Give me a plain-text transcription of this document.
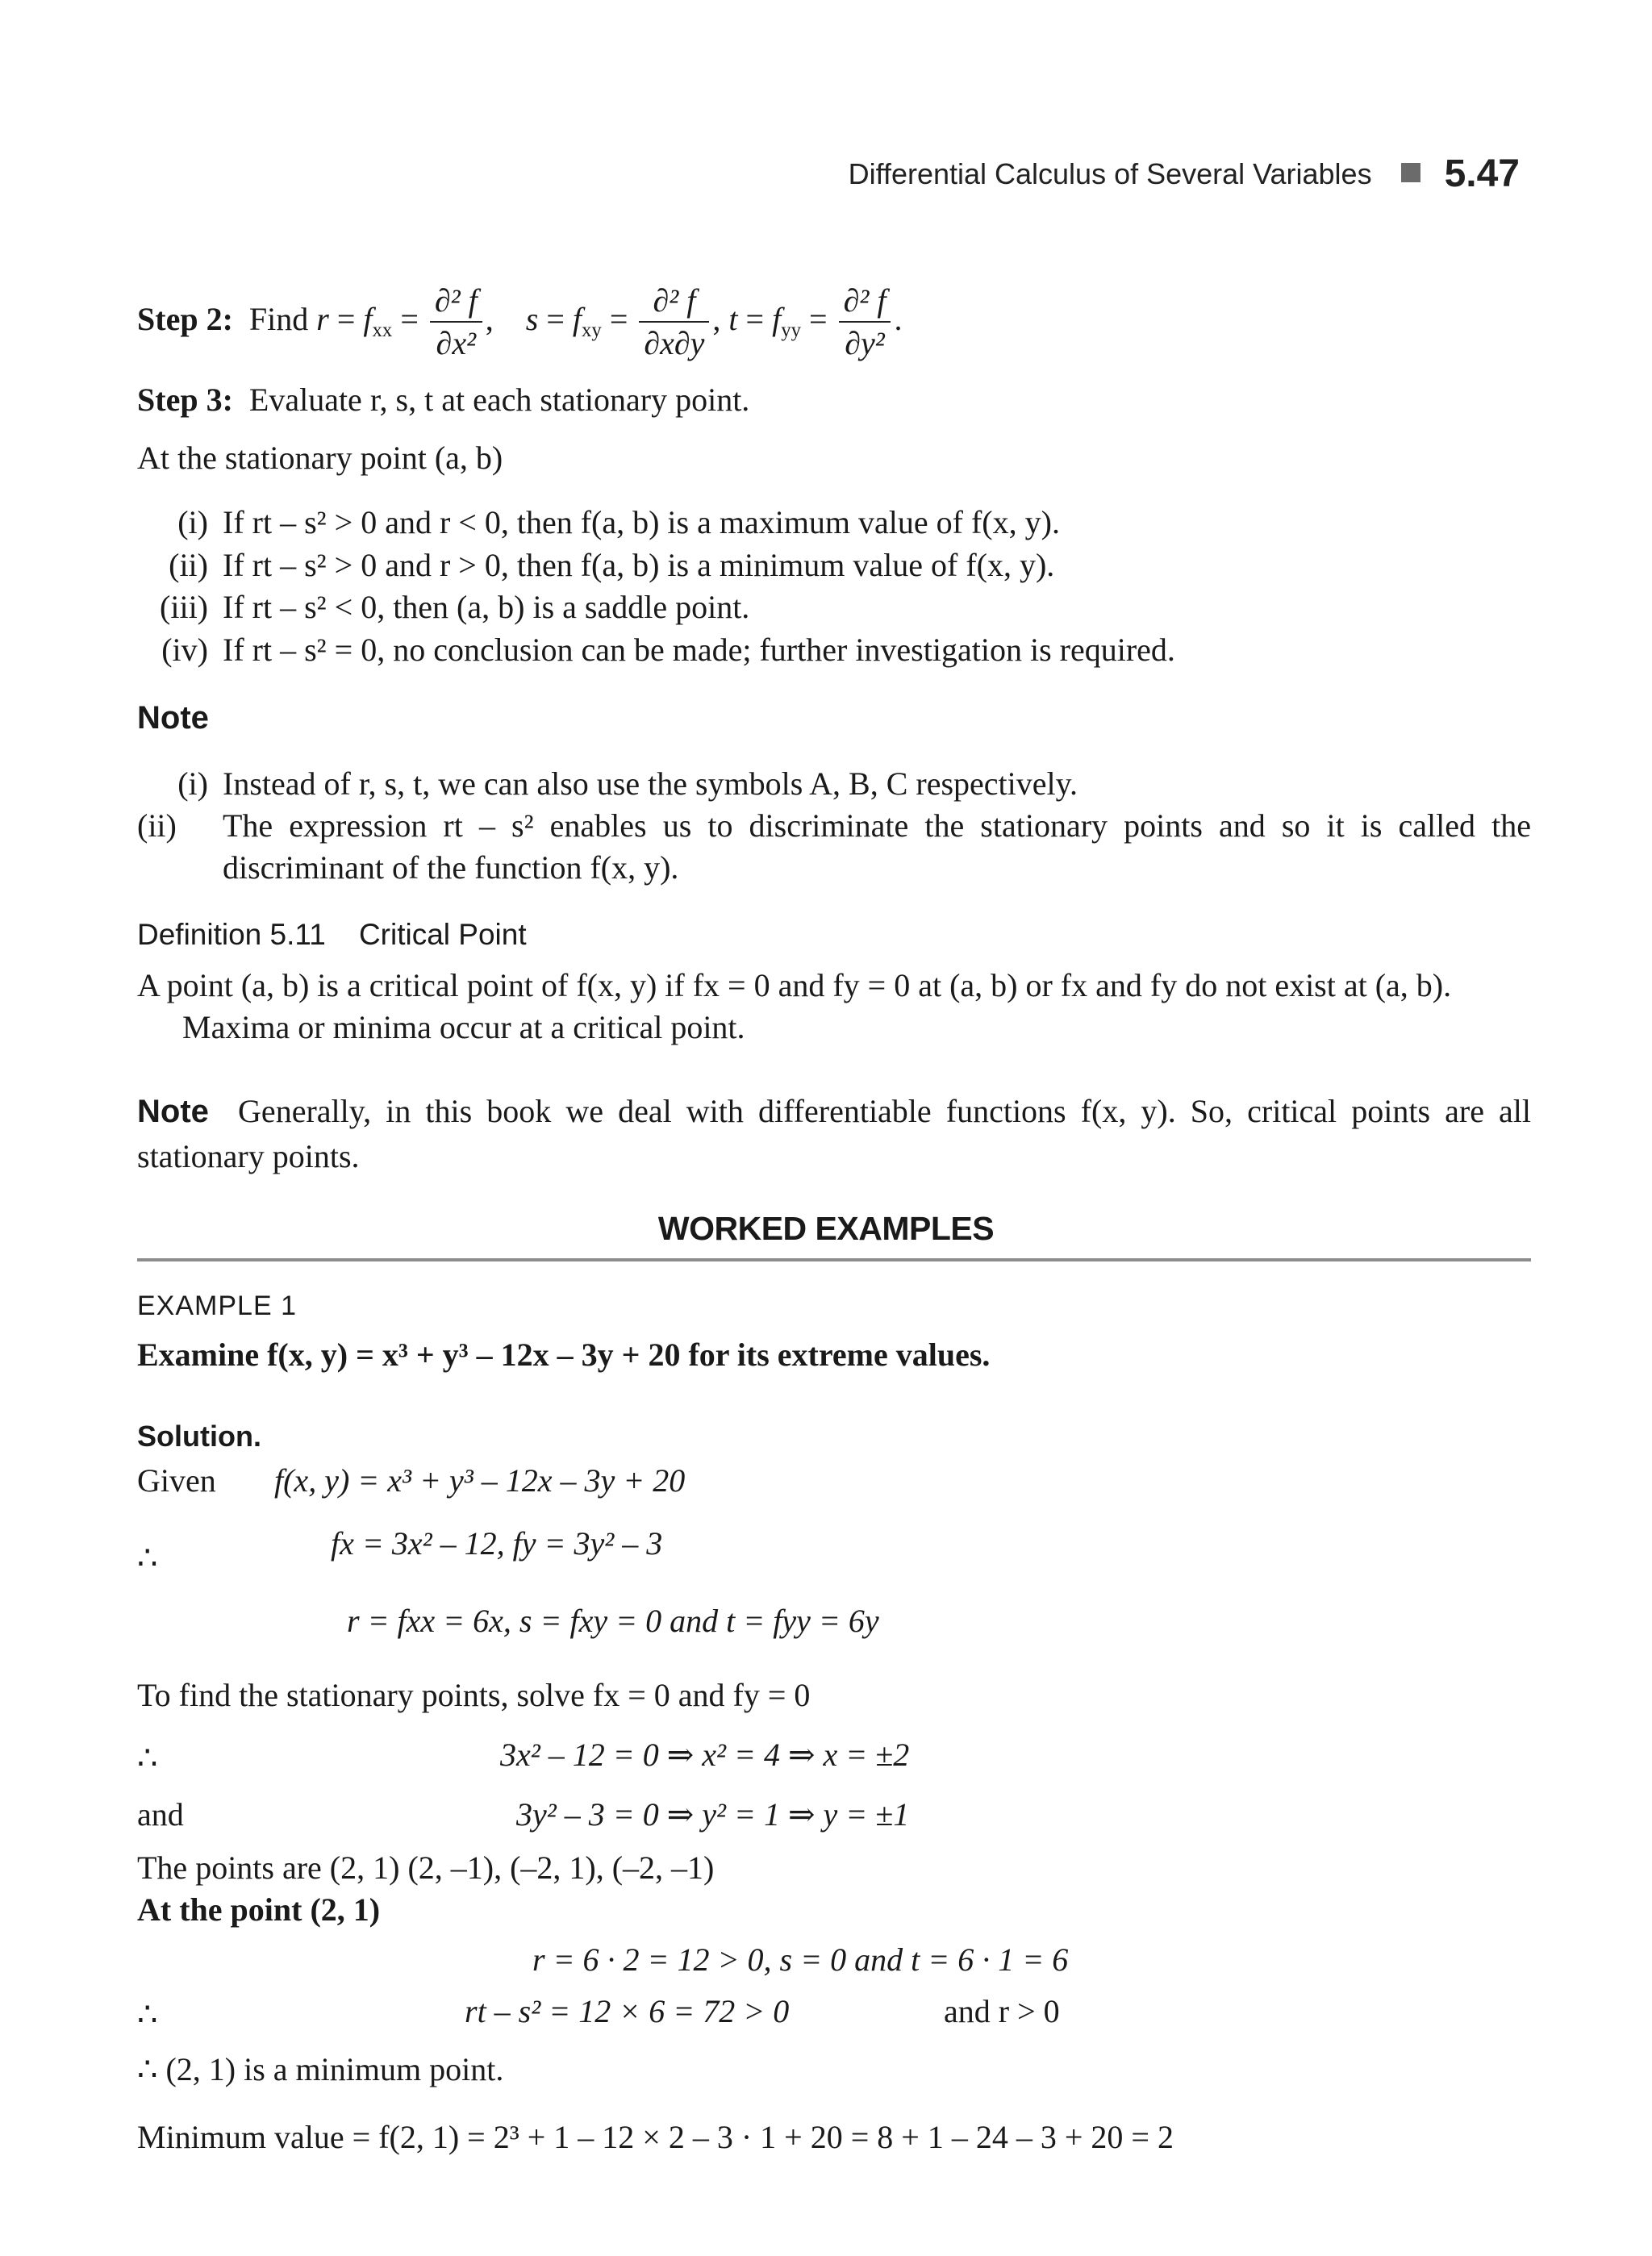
Differential Calculus of Several Variables 5.47
Step 2: Find $r = f_{xx} = \frac{\text{∂² f}}{\text{∂x²}}$ ,    $s = f_{xy} = \frac{\text{∂² f}}{\partial x\partial y}$ , $t = f_{yy} = \frac{\text{∂² f}}{\text{∂y²}}$ .
Step 3: Evaluate r, s, t at each stationary point.
At the stationary point (a, b)
(i) If rt – s² > 0 and r < 0, then f(a, b) is a maximum value of f(x, y).
(ii) If rt – s² > 0 and r > 0, then f(a, b) is a minimum value of f(x, y).
(iii) If rt – s² < 0, then (a, b) is a saddle point.
(iv) If rt – s² = 0, no conclusion can be made; further investigation is required.
Note
(i) Instead of r, s, t, we can also use the symbols A, B, C respectively.
(ii)	The expression rt – s² enables us to discriminate the stationary points and so it is called the
discriminant of the function f(x, y).
Definition 5.11 Critical Point
A point (a, b) is a critical point of f(x, y) if fx = 0 and fy = 0 at (a, b) or fx and fy do not exist at (a, b).
Maxima or minima occur at a critical point.
Note Generally, in this book we deal with differentiable functions f(x, y). So, critical points are all
stationary points.
WORKED EXAMPLES
EXAMPLE 1
Examine f(x, y) = x³ + y³ – 12x – 3y + 20 for its extreme values.
Solution.
Given f(x, y) = x³ + y³ – 12x – 3y + 20
∴	fx = 3x² – 12, fy = 3y² – 3
r = fxx = 6x, s = fxy = 0 and t = fyy = 6y
To find the stationary points, solve fx = 0 and fy = 0
∴	3x² – 12 = 0 ⇒ x² = 4 ⇒ x = ±2
and	3y² – 3 = 0 ⇒ y² = 1 ⇒ y = ±1
The points are (2, 1) (2, –1), (–2, 1), (–2, –1)
At the point (2, 1)
r = 6 · 2 = 12 > 0, s = 0 and t = 6 · 1 = 6
∴	rt – s² = 12 × 6 = 72 > 0	and r > 0
∴ (2, 1) is a minimum point.
Minimum value = f(2, 1) = 2³ + 1 – 12 × 2 – 3 · 1 + 20 = 8 + 1 – 24 – 3 + 20 = 2
